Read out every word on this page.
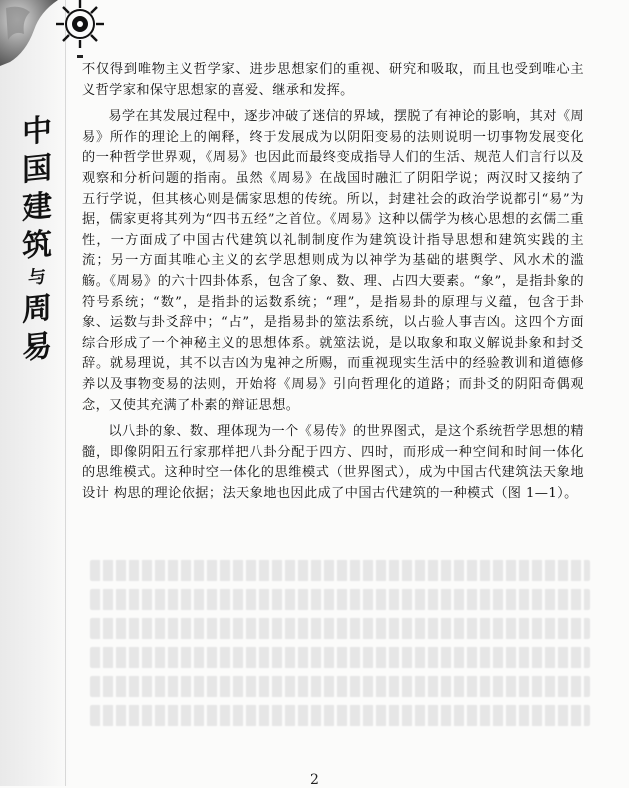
中
国
建
筑
与
周
易

不仅得到唯物主义哲学家、进步思想家们的重视、研究和吸取，而且也受到唯心主义哲学家和保守思想家的喜爱、继承和发挥。

易学在其发展过程中，逐步冲破了迷信的界域，摆脱了有神论的影响，其对《周易》所作的理论上的阐释，终于发展成为以阴阳变易的法则说明一切事物发展变化的一种哲学世界观，《周易》也因此而最终变成指导人们的生活、规范人们言行以及观察和分析问题的指南。虽然《周易》在战国时融汇了阴阳学说；两汉时又接纳了五行学说，但其核心则是儒家思想的传统。所以，封建社会的政治学说都引“易”为据，儒家更将其列为“四书五经”之首位。《周易》这种以儒学为核心思想的玄儒二重性，一方面成了中国古代建筑以礼制制度作为建筑设计指导思想和建筑实践的主流；另一方面其唯心主义的玄学思想则成为以神学为基础的堪舆学、风水术的滥觞。《周易》的六十四卦体系，包含了象、数、理、占四大要素。“象”，是指卦象的符号系统；“数”，是指卦的运数系统；“理”，是指易卦的原理与义蕴，包含于卦象、运数与卦爻辞中；“占”，是指易卦的筮法系统，以占验人事吉凶。这四个方面综合形成了一个神秘主义的思想体系。就筮法说，是以取象和取义解说卦象和封爻辞。就易理说，其不以吉凶为鬼神之所赐，而重视现实生活中的经验教训和道德修养以及事物变易的法则，开始将《周易》引向哲理化的道路；而卦爻的阴阳奇偶观念，又使其充满了朴素的辩证思想。

以八卦的象、数、理体现为一个《易传》的世界图式，是这个系统哲学思想的精髓，即像阴阳五行家那样把八卦分配于四方、四时，而形成一种空间和时间一体化的思维模式。这种时空一体化的思维模式（世界图式），成为中国古代建筑法天象地设计 构思的理论依据；法天象地也因此成了中国古代建筑的一种模式（图 1—1）。

2
